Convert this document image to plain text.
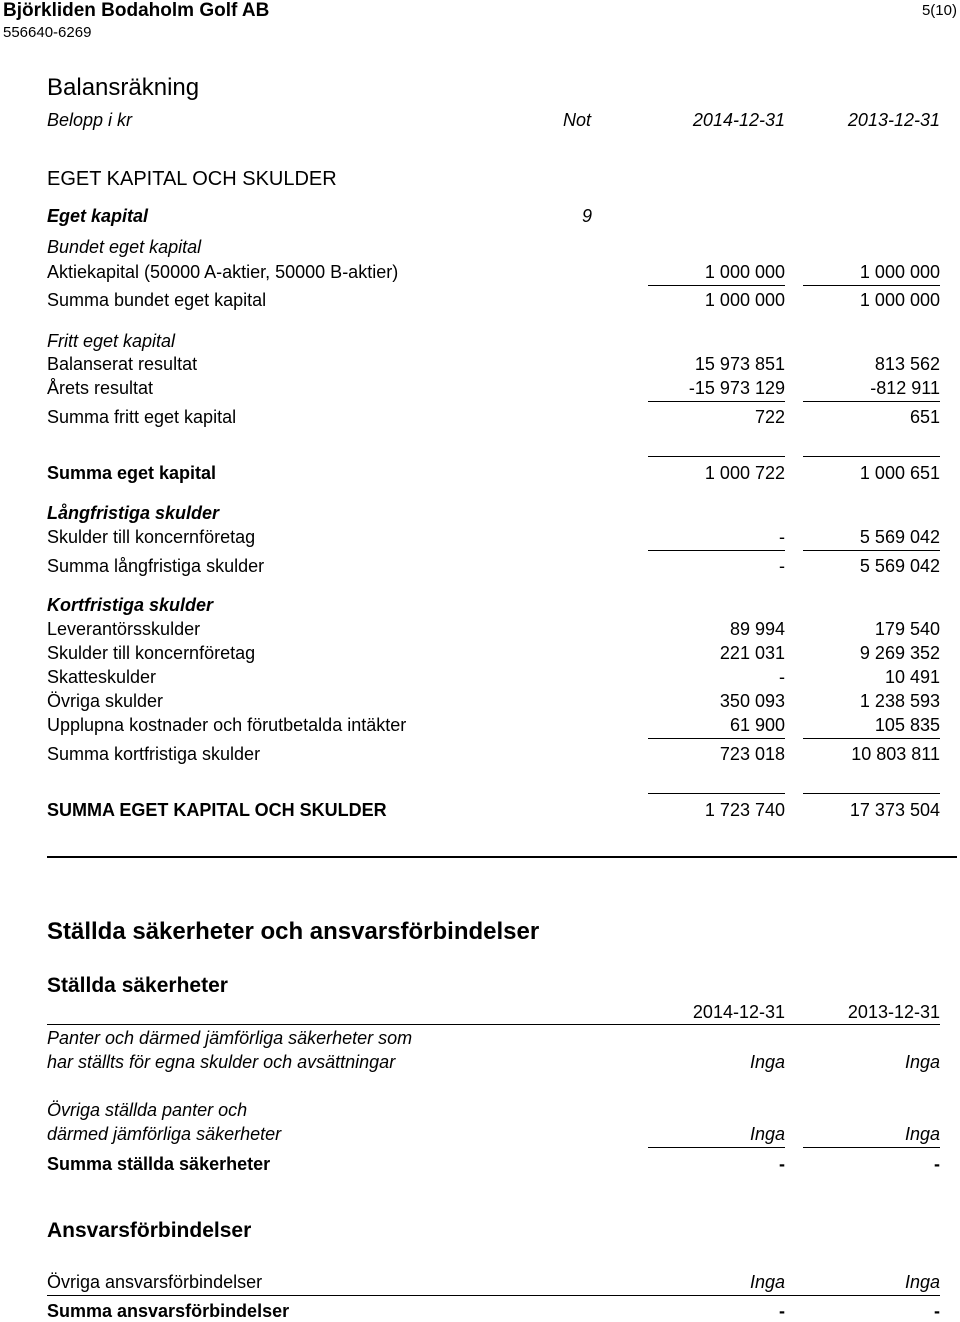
Björkliden Bodaholm Golf AB
556640-6269
5(10)
Balansräkning
Belopp i kr	Not	2014-12-31	2013-12-31
EGET KAPITAL OCH SKULDER
Eget kapital	9
Bundet eget kapital
Aktiekapital (50000 A-aktier, 50000 B-aktier)	1 000 000	1 000 000
Summa bundet eget kapital	1 000 000	1 000 000
Fritt eget kapital
Balanserat resultat	15 973 851	813 562
Årets resultat	-15 973 129	-812 911
Summa fritt eget kapital	722	651
Summa eget kapital	1 000 722	1 000 651
Långfristiga skulder
Skulder till koncernföretag	-	5 569 042
Summa långfristiga skulder	-	5 569 042
Kortfristiga skulder
Leverantörsskulder	89 994	179 540
Skulder till koncernföretag	221 031	9 269 352
Skatteskulder	-	10 491
Övriga skulder	350 093	1 238 593
Upplupna kostnader och förutbetalda intäkter	61 900	105 835
Summa kortfristiga skulder	723 018	10 803 811
SUMMA EGET KAPITAL OCH SKULDER	1 723 740	17 373 504
Ställda säkerheter och ansvarsförbindelser
Ställda säkerheter
2014-12-31	2013-12-31
Panter och därmed jämförliga säkerheter som
har ställts för egna skulder och avsättningar	Inga	Inga
Övriga ställda panter och
därmed jämförliga säkerheter	Inga	Inga
Summa ställda säkerheter	-	-
Ansvarsförbindelser
Övriga ansvarsförbindelser	Inga	Inga
Summa ansvarsförbindelser	-	-
